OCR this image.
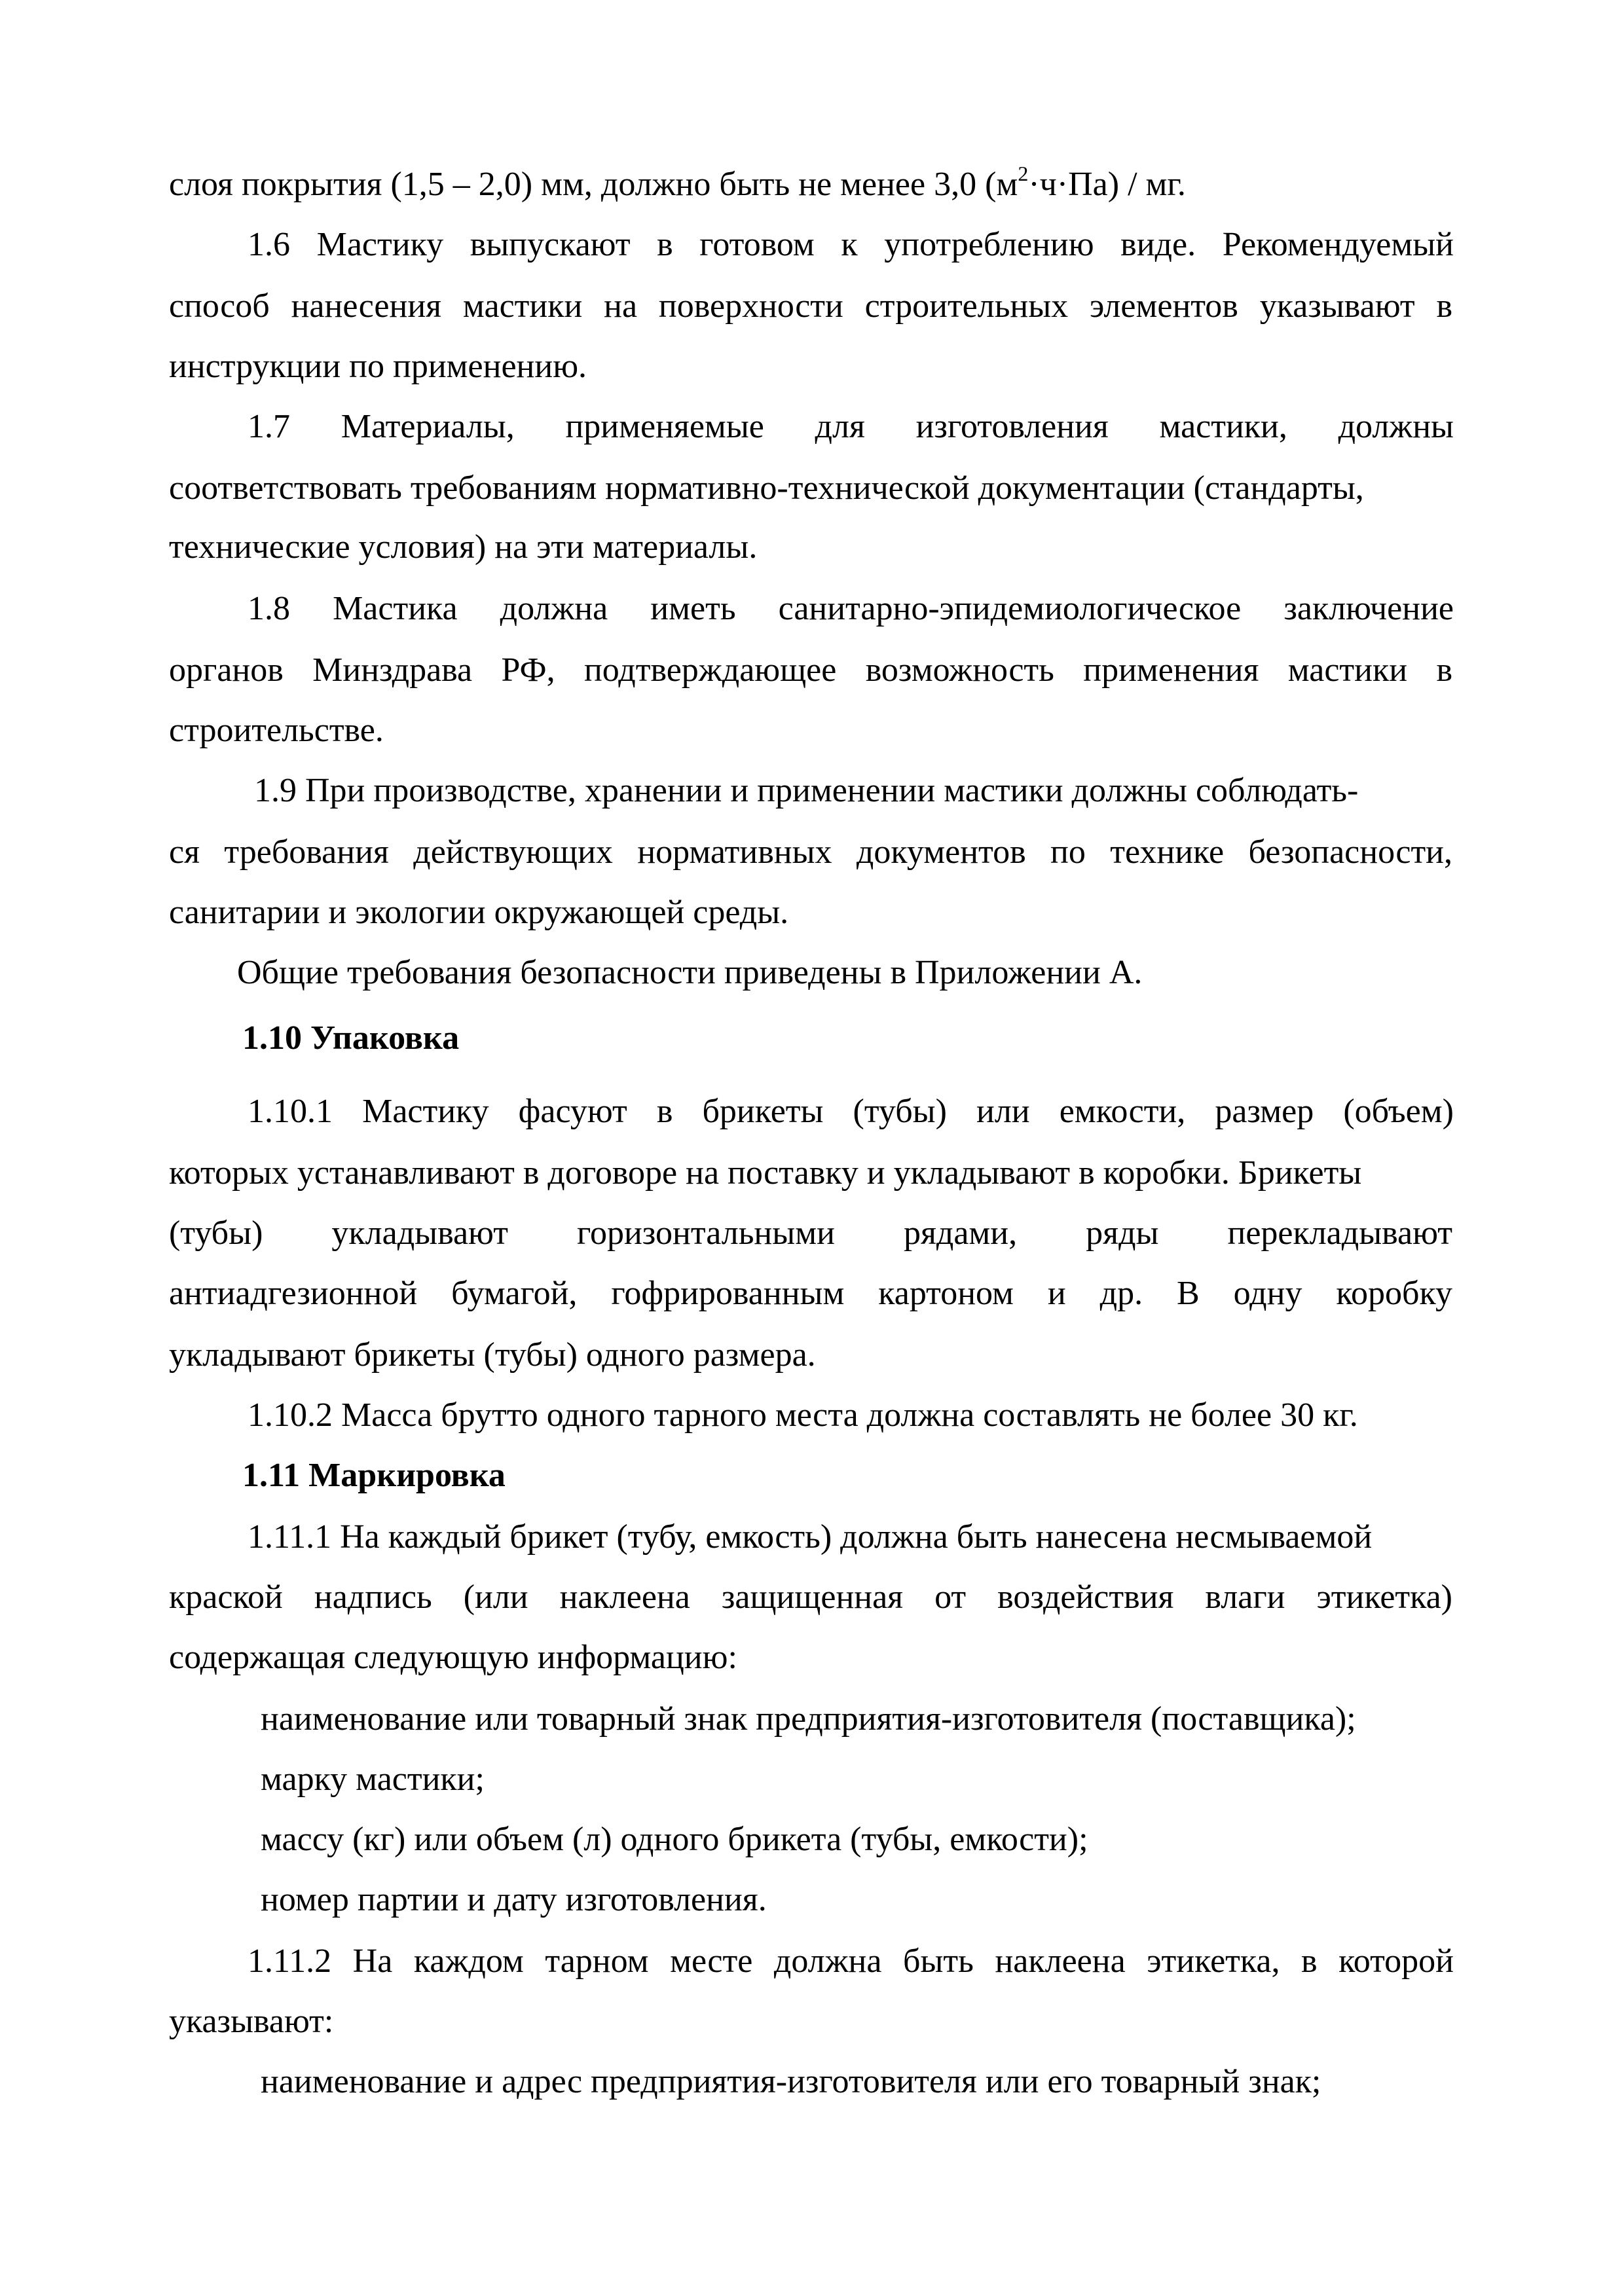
слоя покрытия (1,5 – 2,0) мм, должно быть не менее 3,0 $(м^2\cdot ч\cdot Па)$ / мг.
1.6 Мастику выпускают в готовом к употреблению виде. Рекомендуемый
способ нанесения мастики на поверхности строительных элементов указывают в
инструкции по применению.
1.7 Материалы, применяемые для изготовления мастики, должны
соответствовать требованиям нормативно-технической документации (стандарты,
технические условия) на эти материалы.
1.8 Мастика должна иметь санитарно-эпидемиологическое заключение
органов Минздрава РФ, подтверждающее возможность применения мастики в
строительстве.
1.9 При производстве, хранении и применении мастики должны соблюдать-
ся требования действующих нормативных документов по технике безопасности,
санитарии и экологии окружающей среды.
Общие требования безопасности приведены в Приложении А.
1.10 Упаковка
1.10.1 Мастику фасуют в брикеты (тубы) или емкости, размер (объем)
которых устанавливают в договоре на поставку и укладывают в коробки. Брикеты
(тубы) укладывают горизонтальными рядами, ряды перекладывают
антиадгезионной бумагой, гофрированным картоном и др. В одну коробку
укладывают брикеты (тубы) одного размера.
1.10.2 Масса брутто одного тарного места должна составлять не более 30 кг.
1.11 Маркировка
1.11.1 На каждый брикет (тубу, емкость) должна быть нанесена несмываемой
краской надпись (или наклеена защищенная от воздействия влаги этикетка)
содержащая следующую информацию:
наименование или товарный знак предприятия-изготовителя (поставщика);
марку мастики;
массу (кг) или объем (л) одного брикета (тубы, емкости);
номер партии и дату изготовления.
1.11.2 На каждом тарном месте должна быть наклеена этикетка, в которой
указывают:
наименование и адрес предприятия-изготовителя или его товарный знак;
